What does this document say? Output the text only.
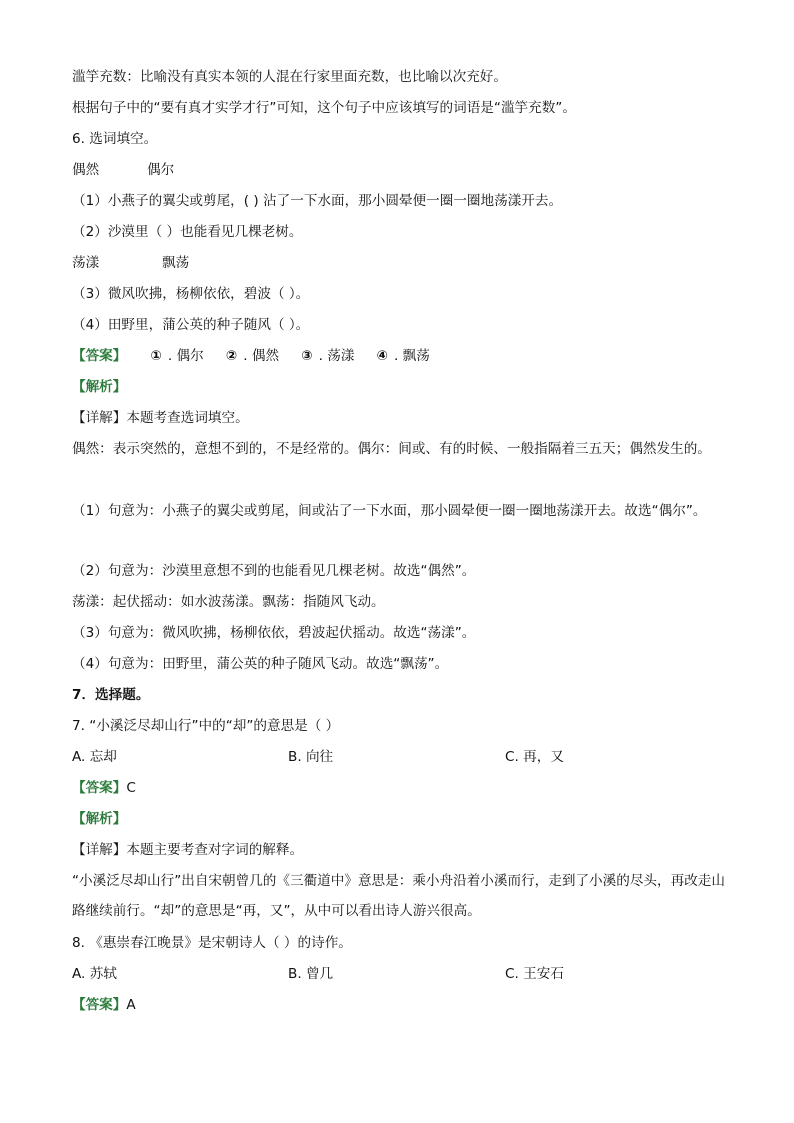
滥竽充数：比喻没有真实本领的人混在行家里面充数，也比喻以次充好。
根据句子中的“要有真才实学才行”可知，这个句子中应该填写的词语是“滥竽充数”。
6. 选词填空。
偶然	偶尔
（1）小燕子的翼尖或剪尾，( ) 沾了一下水面，那小圆晕便一圈一圈地荡漾开去。
（2）沙漠里（ ）也能看见几棵老树。
荡漾	飘荡
（3）微风吹拂，杨柳依依，碧波（ ）。
（4）田野里，蒲公英的种子随风（ ）。
【答案】 ① . 偶尔 ② . 偶然 ③ . 荡漾 ④ . 飘荡
【解析】
【详解】本题考查选词填空。
偶然：表示突然的，意想不到的，不是经常的。偶尔：间或、有的时候、一般指隔着三五天；偶然发生的。
（1）句意为：小燕子的翼尖或剪尾，间或沾了一下水面，那小圆晕便一圈一圈地荡漾开去。故选“偶尔”。
（2）句意为：沙漠里意想不到的也能看见几棵老树。故选“偶然”。
荡漾：起伏摇动：如水波荡漾。飘荡：指随风飞动。
（3）句意为：微风吹拂，杨柳依依，碧波起伏摇动。故选“荡漾”。
（4）句意为：田野里，蒲公英的种子随风飞动。故选“飘荡”。
7．选择题。
7. “小溪泛尽却山行”中的“却”的意思是（ ）
A. 忘却	B. 向往	C. 再，又
【答案】C
【解析】
【详解】本题主要考查对字词的解释。
“小溪泛尽却山行”出自宋朝曾几的《三衢道中》意思是：乘小舟沿着小溪而行，走到了小溪的尽头，再改走山路继续前行。“却”的意思是“再，又”，从中可以看出诗人游兴很高。
8. 《惠崇春江晚景》是宋朝诗人（ ）的诗作。
A. 苏轼	B. 曾几	C. 王安石
【答案】A
